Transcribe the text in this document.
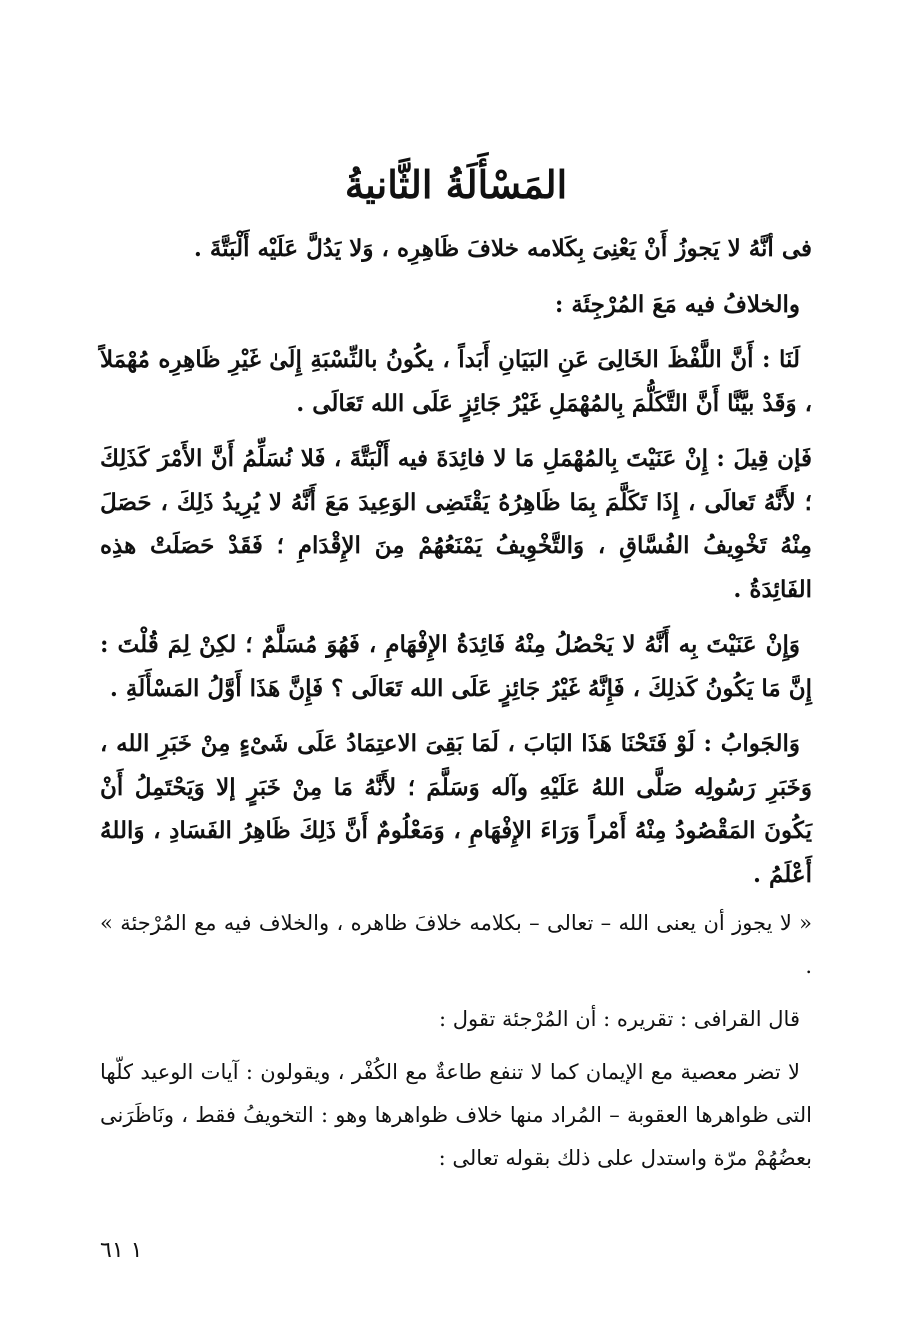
المَسْأَلَةُ الثَّانيةُ

فى أنَّهُ لا يَجوزُ أَنْ يَعْنِىَ بِكَلامه خلافَ ظَاهِرِه ، وَلا يَدُلَّ عَلَيْه أَلْبَتَّةَ .

والخلافُ فيه مَعَ المُرْجِئَة :

لَنَا : أَنَّ اللَّفْظَ الخَالِىَ عَنِ البَيَانِ أَبَداً ، يكُونُ بالنِّسْبَةِ إِلَىٰ غَيْرِ ظَاهِرِه مُهْمَلاً ، وَقَدْ بيَّنَّا أَنَّ التَّكَلُّمَ بِالمُهْمَلِ غَيْرُ جَائِزٍ عَلَى الله تَعَالَى .

فَإن قِيلَ : إِنْ عَنَيْتَ بِالمُهْمَلِ مَا لا فائِدَةَ فيه أَلْبَتَّةَ ، فَلا نُسَلِّمُ أَنَّ الأَمْرَ كَذَلِكَ ؛ لأَنَّهُ تَعالَى ، إِذَا تَكَلَّمَ بِمَا ظَاهِرُهُ يَقْتَضِى الوَعِيدَ مَعَ أَنَّهُ لا يُرِيدُ ذَلِكَ ، حَصَلَ مِنْهُ تَخْوِيفُ الفُسَّاقِ ، وَالتَّخْوِيفُ يَمْنَعُهُمْ مِنَ الإِقْدَامِ ؛ فَقَدْ حَصَلَتْ هذِه الفَائِدَةُ .

وَإِنْ عَنَيْتَ بِه أَنَّهُ لا يَحْصُلُ مِنْهُ فَائِدَةُ الإِفْهَامِ ، فَهُوَ مُسَلَّمٌ ؛ لكِنْ لِمَ قُلْتَ : إِنَّ مَا يَكُونُ كَذلِكَ ، فَإِنَّهُ غَيْرُ جَائِزٍ عَلَى الله تَعَالَى ؟ فَإِنَّ هَذَا أَوَّلُ المَسْأَلَةِ .

وَالجَوابُ : لَوْ فَتَحْنَا هَذَا البَابَ ، لَمَا بَقِىَ الاعتِمَادُ عَلَى شَىْءٍ مِنْ خَبَرِ الله ، وَخَبَرِ رَسُولِه صَلَّى اللهُ عَلَيْهِ وآله وَسَلَّمَ ؛ لأَنَّهُ مَا مِنْ خَبَرٍ إلا وَيَحْتَمِلُ أَنْ يَكُونَ المَقْصُودُ مِنْهُ أَمْراً وَرَاءَ الإِفْهَامِ ، وَمَعْلُومٌ أَنَّ ذَلِكَ ظَاهِرُ الفَسَادِ ، وَاللهُ أَعْلَمُ .

« لا يجوز أن يعنى الله – تعالى – بكلامه خلافَ ظاهره ، والخلاف فيه مع المُرْجئة » .

قال القرافى : تقريره : أن المُرْجئة تقول :

لا تضر معصية مع الإيمان كما لا تنفع طاعةٌ مع الكُفْر ، ويقولون : آيات الوعيد كلّها التى ظواهرها العقوبة – المُراد منها خلاف ظواهرها وهو : التخويفُ فقط ، ونَاظَرَنى بعضُهُمْ مرّة واستدل على ذلك بقوله تعالى :

١ ٦١
